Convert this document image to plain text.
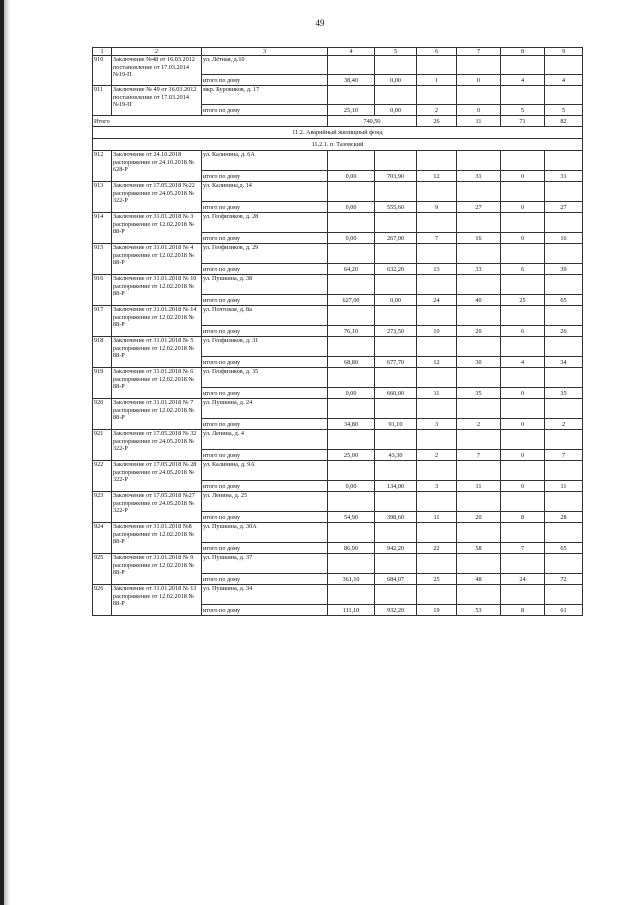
49
1	2	3	4	5	6	7	8	9
910	Заключение №48 от 16.03.2012 постановление от 17.03.2014 №19-П	ул. Лётная, д.10						
		итого по дому	38,40	0,00	1	0	4	4
911	Заключение № 49 от 16.03.2012 постановление от 17.03.2014 №19-П	мкр. Буровиков, д. 17						
		итого по дому	25,10	0,00	2	0	5	5
Итого			740,50		26	11	71	82
11.2. Аварийный жилищный фонд								
11.2.1. п. Тазовский								
912	Заключение от 24.10.2018 распоряжение от 24.10.2018 № 628-Р	ул. Калинина, д. 6А						
		итого по дому	0,00	703,90	12	31	0	31
913	Заключение от 17.05.2018 №22 распоряжение от 24.05.2018 № 322-Р	ул. Калинина,д. 14						
		итого по дому	0,00	555,60	9	27	0	27
914	Заключение от 31.01.2018 № 3 распоряжение от 12.02.2018 № 88-Р	ул. Геофизиков, д. 28						
		итого по дому	0,00	267,00	7	16	0	16
915	Заключение от 31.01.2018 № 4 распоряжение от 12.02.2018 № 88-Р	ул. Геофизиков, д. 29						
		итого по дому	64,20	632,20	13	33	6	39
916	Заключение от 31.01.2018 № 10 распоряжение от 12.02.2018 № 88-Р	ул. Пушкина, д. 38						
		итого по дому	627,00	0,00	24	40	25	65
917	Заключение от 31.01.2018 № 14 распоряжение от 12.02.2018 № 88-Р	ул. Почтовая, д. 8а						
		итого по дому	76,10	273,50	10	20	6	26
918	Заключение от 31.01.2018 № 5 распоряжение от 12.02.2018 № 88-Р	ул. Геофизиков, д. 31						
		итого по дому	68,80	677,70	12	30	4	34
919	Заключение от 31.01.2018 № 6 распоряжение от 12.02.2018 № 88-Р	ул. Геофизиков, д. 35						
		итого по дому	0,00	660,00	11	35	0	35
920	Заключение от 31.01.2018 № 7 распоряжение от 12.02.2018 № 88-Р	ул. Пушкина, д. 24						
		итого по дому	34,80	91,10	3	2	0	2
921	Заключение от 17.05.2018 № 32 распоряжение от 24.05.2018 № 322-Р	ул. Ленина, д. 4						
		итого по дому	25,00	43,30	2	7	0	7
922	Заключение от 17.05.2018 № 28 распоряжение от 24.05.2018 № 322-Р	ул. Калинина, д. 9А						
		итого по дому	0,00	134,00	3	11	0	11
923	Заключение от 17.05.2018 №27 распоряжение от 24.05.2018 № 322-Р	ул. Ленина, д. 25						
		итого по дому	54,90	398,60	11	20	8	28
924	Заключение от 31.01.2018 №8 распоряжение от 12.02.2018 № 88-Р	ул. Пушкина, д. 30А						
		итого по дому	86,90	942,20	22	58	7	65
925	Заключение от 31.01.2018 № 9 распоряжение от 12.02.2018 № 88-Р	ул. Пушкина, д. 37						
		итого по дому	361,10	684,07	25	48	24	72
926	Заключение от 31.01.2018 № 13 распоряжение от 12.02.2018 № 88-Р	ул. Пушкина, д. 34						
		итого по дому	111,10	932,20	19	53	8	61
